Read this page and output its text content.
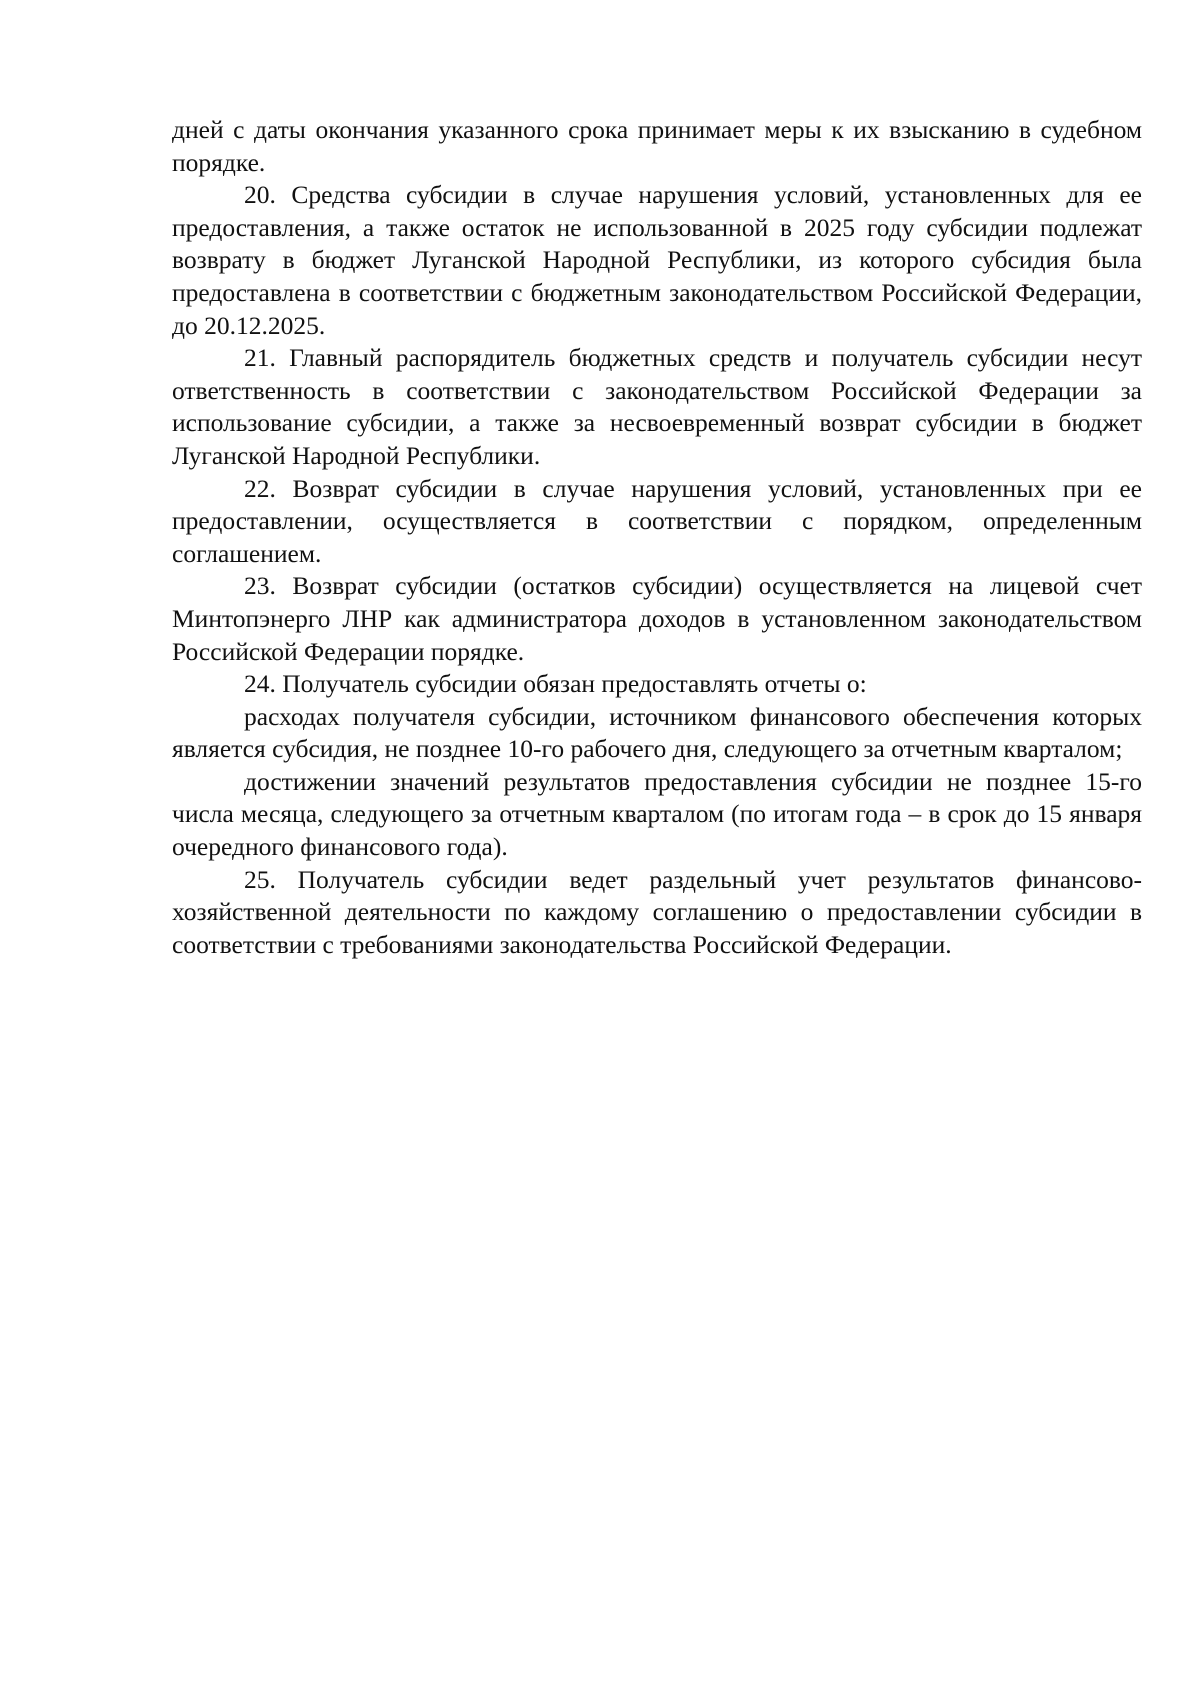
дней с даты окончания указанного срока принимает меры к их взысканию в судебном порядке.

20. Средства субсидии в случае нарушения условий, установленных для ее предоставления, а также остаток не использованной в 2025 году субсидии подлежат возврату в бюджет Луганской Народной Республики, из которого субсидия была предоставлена в соответствии с бюджетным законодательством Российской Федерации, до 20.12.2025.

21. Главный распорядитель бюджетных средств и получатель субсидии несут ответственность в соответствии с законодательством Российской Федерации за использование субсидии, а также за несвоевременный возврат субсидии в бюджет Луганской Народной Республики.

22. Возврат субсидии в случае нарушения условий, установленных при ее предоставлении, осуществляется в соответствии с порядком, определенным соглашением.

23. Возврат субсидии (остатков субсидии) осуществляется на лицевой счет Минтопэнерго ЛНР как администратора доходов в установленном законодательством Российской Федерации порядке.

24. Получатель субсидии обязан предоставлять отчеты о:

расходах получателя субсидии, источником финансового обеспечения которых является субсидия, не позднее 10-го рабочего дня, следующего за отчетным кварталом;

достижении значений результатов предоставления субсидии не позднее 15-го числа месяца, следующего за отчетным кварталом (по итогам года – в срок до 15 января очередного финансового года).

25. Получатель субсидии ведет раздельный учет результатов финансово-хозяйственной деятельности по каждому соглашению о предоставлении субсидии в соответствии с требованиями законодательства Российской Федерации.
